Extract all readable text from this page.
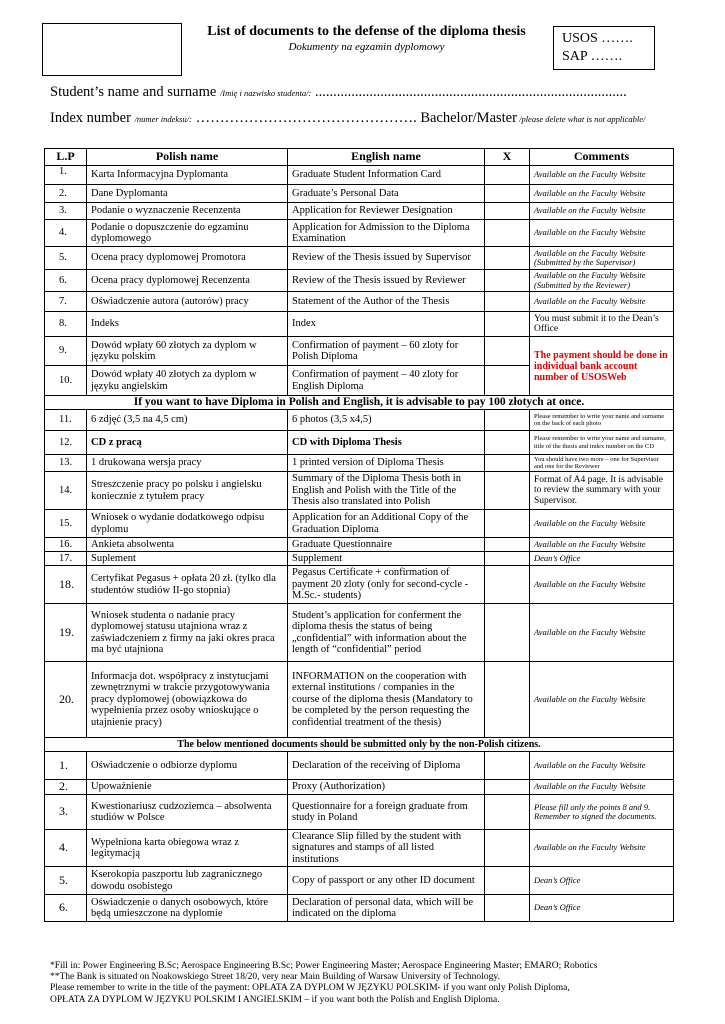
List of documents to the defense of the diploma thesis
Dokumenty na egzamin dyplomowy
USOS …….
SAP …….
Student’s name and surname /Imię i nazwisko studenta/: ......................................................................................
Index number /numer indeksu/: ………………………………………. Bachelor/Master /please delete what is not applicable/
L.P	Polish name	English name	X	Comments
1.	Karta Informacyjna Dyplomanta	Graduate Student Information Card		Available on the Faculty Website
2.	Dane Dyplomanta	Graduate’s Personal Data		Available on the Faculty Website
3.	Podanie o wyznaczenie Recenzenta	Application for Reviewer Designation		Available on the Faculty Website
4.	Podanie o dopuszczenie do egzaminu dyplomowego	Application for Admission to the Diploma Examination		Available on the Faculty Website
5.	Ocena pracy dyplomowej Promotora	Review of the Thesis issued by Supervisor		Available on the Faculty Website (Submitted by the Supervisor)
6.	Ocena pracy dyplomowej Recenzenta	Review of the Thesis issued by Reviewer		Available on the Faculty Website (Submitted by the Reviewer)
7.	Oświadczenie autora (autorów) pracy	Statement of the Author of the Thesis		Available on the Faculty Website
8.	Indeks	Index		You must submit it to the Dean’s Office
9.	Dowód wpłaty 60 złotych za dyplom w języku polskim	Confirmation of payment – 60 zloty for Polish Diploma		The payment should be done in individual bank account number of USOSWeb
10.	Dowód wpłaty 40 złotych za dyplom w języku angielskim	Confirmation of payment – 40 zloty for English Diploma		
If you want to have Diploma in Polish and English, it is advisable to pay 100 złotych at once.				
11.	6 zdjęć (3,5 na 4,5 cm)	6 photos (3,5 x4,5)		Please remember to write your name and surname on the back of each photo
12.	CD z pracą	CD with Diploma Thesis		Please remember to write your name and surname, title of the thesis and index number on the CD
13.	1 drukowana wersja pracy	1 printed version of Diploma Thesis		You should have two more – one for Supervisor and one for the Reviewer
14.	Streszczenie pracy po polsku i angielsku koniecznie z tytułem pracy	Summary of the Diploma Thesis both in English and Polish with the Title of the Thesis also translated into Polish		Format of A4 page. It is advisable to review the summary with your Supervisor.
15.	Wniosek o wydanie dodatkowego odpisu dyplomu	Application for an Additional Copy of the Graduation Diploma		Available on the Faculty Website
16.	Ankieta absolwenta	Graduate Questionnaire		Available on the Faculty Website
17.	Suplement	Supplement		Dean’s Office
18.	Certyfikat Pegasus + opłata 20 zł. (tylko dla studentów studiów II-go stopnia)	Pegasus Certificate + confirmation of payment 20 zloty (only for second-cycle - M.Sc.- students)		Available on the Faculty Website
19.	Wniosek studenta o nadanie pracy dyplomowej statusu utajniona wraz z zaświadczeniem z firmy na jaki okres praca ma być utajniona	Student’s application for conferment the diploma thesis the status of being „confidential” with information about the length of “confidential” period		Available on the Faculty Website
20.	Informacja dot. współpracy z instytucjami zewnętrznymi w trakcie przygotowywania pracy dyplomowej (obowiązkowa do wypełnienia przez osoby wnioskujące o utajnienie pracy)	INFORMATION on the cooperation with external institutions / companies in the course of the diploma thesis (Mandatory to be completed by the person requesting the confidential treatment of the thesis)		Available on the Faculty Website
The below mentioned documents should be submitted only by the non-Polish citizens.				
1.	Oświadczenie o odbiorze dyplomu	Declaration of the receiving of Diploma		Available on the Faculty Website
2.	Upoważnienie	Proxy (Authorization)		Available on the Faculty Website
3.	Kwestionariusz cudzoziemca – absolwenta studiów w Polsce	Questionnaire for a foreign graduate from study in Poland		Please fill only the points 8 and 9. Remember to signed the documents.
4.	Wypełniona karta obiegowa wraz z legitymacją	Clearance Slip filled by the student with signatures and stamps of all listed institutions		Available on the Faculty Website
5.	Kserokopia paszportu lub zagranicznego dowodu osobistego	Copy of passport or any other ID document		Dean’s Office
6.	Oświadczenie o danych osobowych, które będą umieszczone na dyplomie	Declaration of personal data, which will be indicated on the diploma		Dean’s Office
*Fill in: Power Engineering B.Sc; Aerospace Engineering B.Sc; Power Engineering Master; Aerospace Engineering Master; EMARO; Robotics
**The Bank is situated on Noakowskiego Street 18/20, very near Main Building of Warsaw University of Technology.
Please remember to write in the title of the payment: OPŁATA ZA DYPLOM W JĘZYKU POLSKIM- if you want only Polish Diploma,
OPŁATA ZA DYPLOM W JĘZYKU POLSKIM I ANGIELSKIM – if you want both the Polish and English Diploma.
